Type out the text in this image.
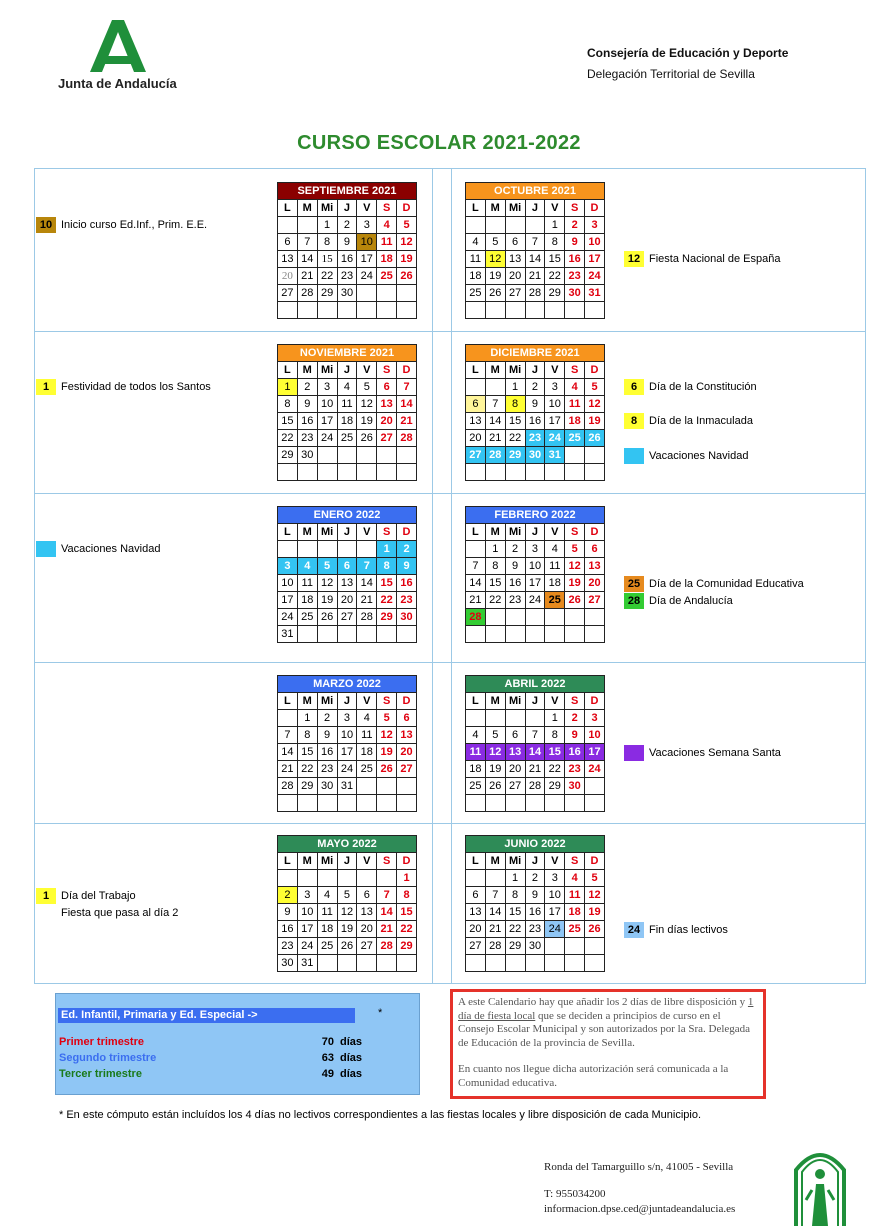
Junta de Andalucía
Consejería de Educación y Deporte
Delegación Territorial de Sevilla
CURSO ESCOLAR 2021-2022
SEPTIEMBRE 2021						
L	M	Mi	J	V	S	D
		1	2	3	4	5
6	7	8	9	10	11	12
13	14	15	16	17	18	19
20	21	22	23	24	25	26
27	28	29	30			

OCTUBRE 2021						
L	M	Mi	J	V	S	D
				1	2	3
4	5	6	7	8	9	10
11	12	13	14	15	16	17
18	19	20	21	22	23	24
25	26	27	28	29	30	31

NOVIEMBRE 2021						
L	M	Mi	J	V	S	D
1	2	3	4	5	6	7
8	9	10	11	12	13	14
15	16	17	18	19	20	21
22	23	24	25	26	27	28
29	30					

DICIEMBRE 2021						
L	M	Mi	J	V	S	D
		1	2	3	4	5
6	7	8	9	10	11	12
13	14	15	16	17	18	19
20	21	22	23	24	25	26
27	28	29	30	31		

ENERO 2022						
L	M	Mi	J	V	S	D
					1	2
3	4	5	6	7	8	9
10	11	12	13	14	15	16
17	18	19	20	21	22	23
24	25	26	27	28	29	30
31						
FEBRERO 2022						
L	M	Mi	J	V	S	D
	1	2	3	4	5	6
7	8	9	10	11	12	13
14	15	16	17	18	19	20
21	22	23	24	25	26	27
28						

MARZO 2022						
L	M	Mi	J	V	S	D
	1	2	3	4	5	6
7	8	9	10	11	12	13
14	15	16	17	18	19	20
21	22	23	24	25	26	27
28	29	30	31			

ABRIL 2022						
L	M	Mi	J	V	S	D
				1	2	3
4	5	6	7	8	9	10
11	12	13	14	15	16	17
18	19	20	21	22	23	24
25	26	27	28	29	30	

MAYO 2022						
L	M	Mi	J	V	S	D
						1
2	3	4	5	6	7	8
9	10	11	12	13	14	15
16	17	18	19	20	21	22
23	24	25	26	27	28	29
30	31					
JUNIO 2022						
L	M	Mi	J	V	S	D
		1	2	3	4	5
6	7	8	9	10	11	12
13	14	15	16	17	18	19
20	21	22	23	24	25	26
27	28	29	30			

10 Inicio curso Ed.Inf., Prim. E.E.
12 Fiesta Nacional de España
1	Festividad de todos los Santos	6	Día de la Constitución
8	Día de la Inmaculada
Vacaciones Navidad
Vacaciones Navidad
25 Día de la Comunidad Educativa
28 Día de Andalucía
Vacaciones Semana Santa
1	Día del Trabajo
Fiesta que pasa al día 2
24 Fin días lectivos
Ed. Infantil, Primaria y Ed. Especial ->	*
Primer trimestre	70 días
Segundo trimestre	63 días
Tercer trimestre	49 días
A este Calendario hay que añadir los 2 días de libre disposición y 1 día de fiesta local que se deciden a principios de curso en el Consejo Escolar Municipal y son autorizados por la Sra. Delegada de Educación de la provincia de Sevilla.
En cuanto nos llegue dicha autorización será comunicada a la Comunidad educativa.
* En este cómputo están incluídos los 4 días no lectivos correspondientes a las fiestas locales y libre disposición de cada Municipio.
Ronda del Tamarguillo s/n, 41005 - Sevilla
T: 955034200
informacion.dpse.ced@juntadeandalucia.es
